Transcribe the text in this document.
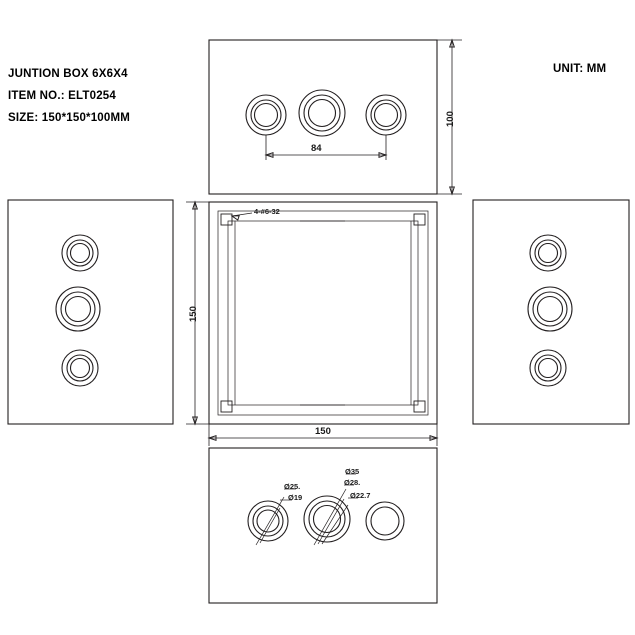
JUNTION BOX 6X6X4
ITEM NO.: ELT0254
SIZE: 150*150*100MM
UNIT: MM
84
100
150
150
4-#6-32
Ø25.
Ø19
Ø35
Ø28.
Ø22.7
